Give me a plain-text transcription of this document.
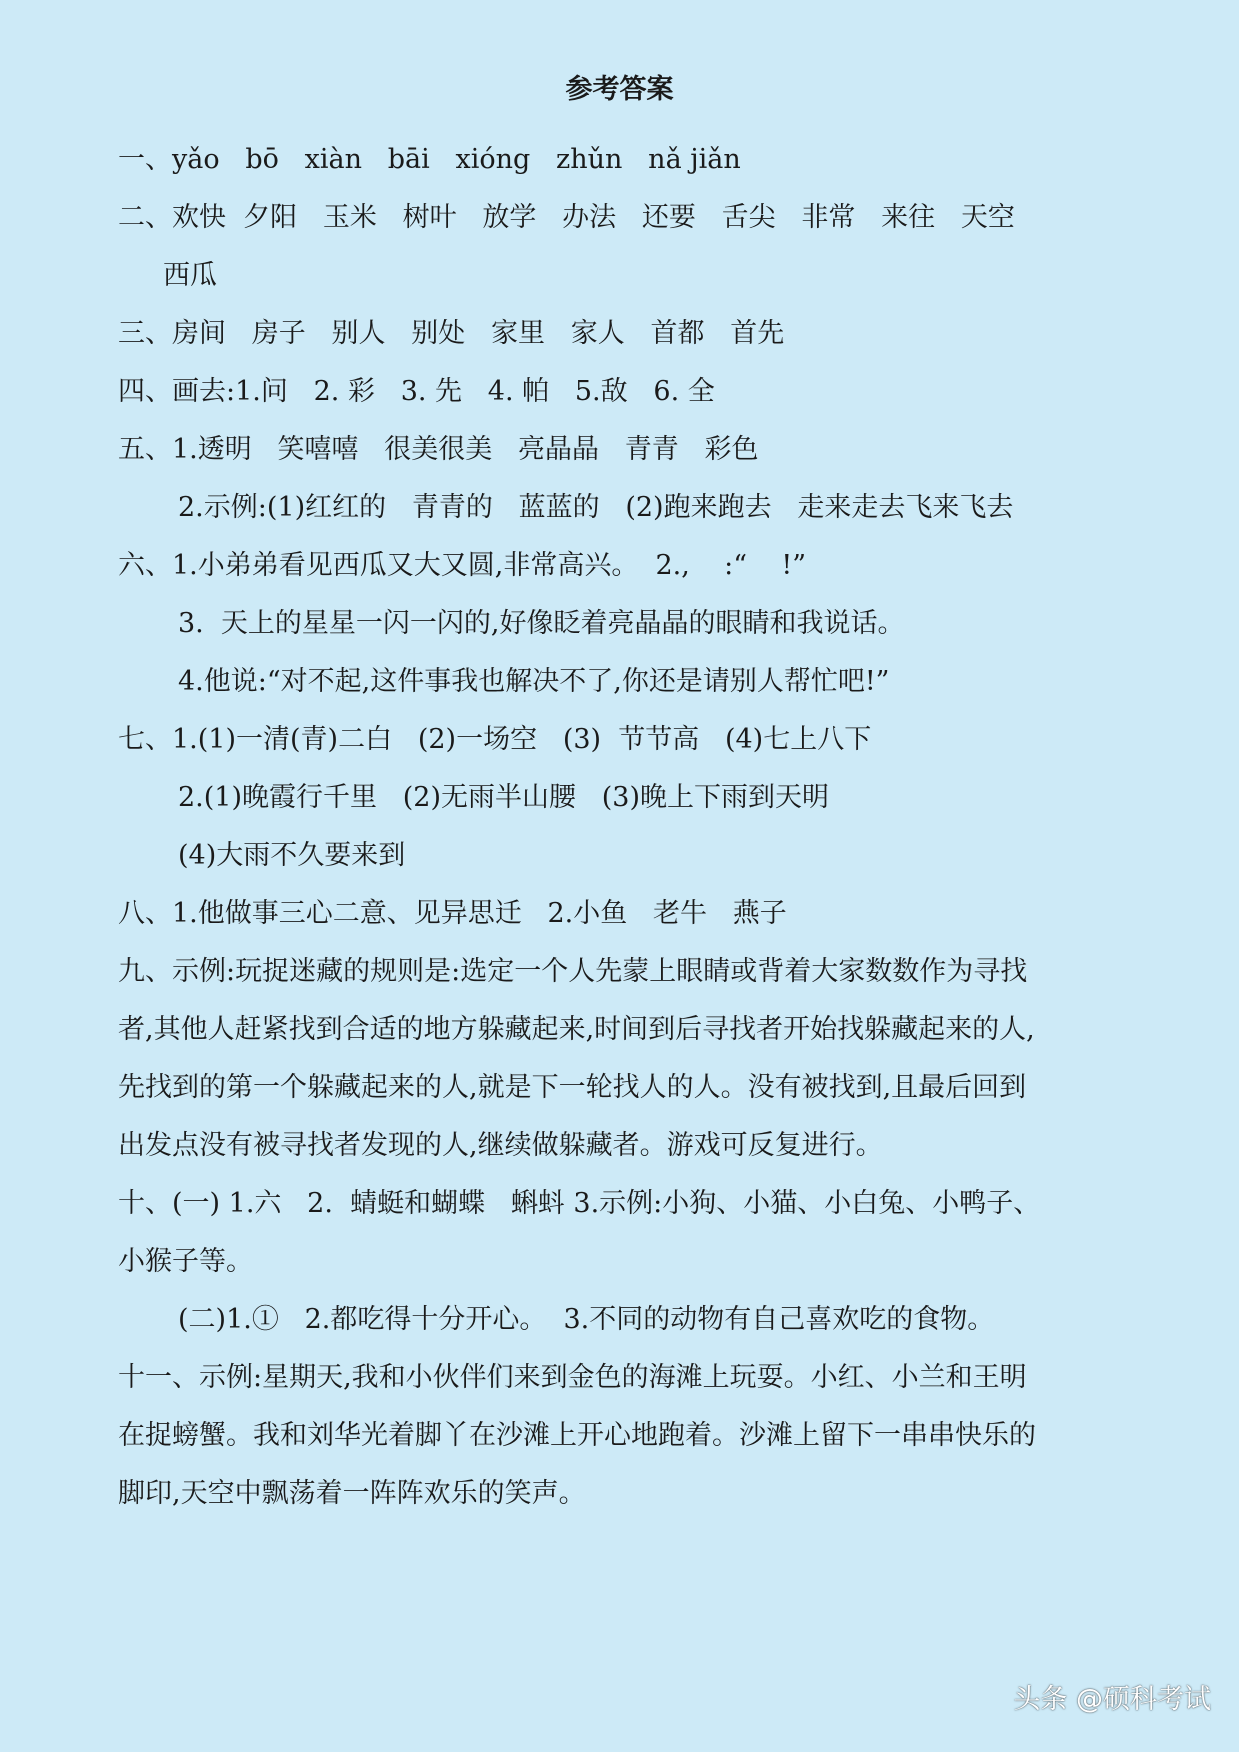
参考答案
一、yǎo   bō   xiàn   bāi   xióng   zhǔn   nǎ jiǎn
二、欢快  夕阳   玉米   树叶   放学   办法   还要   舌尖   非常   来往   天空
西瓜
三、房间   房子   别人   别处   家里   家人   首都   首先
四、画去:1.问   2. 彩   3. 先   4. 帕   5.敌   6. 全
五、1.透明   笑嘻嘻   很美很美   亮晶晶   青青   彩色
2.示例:(1)红红的   青青的   蓝蓝的   (2)跑来跑去   走来走去飞来飞去
六、1.小弟弟看见西瓜又大又圆,非常高兴。  2.,    :“    !”
3.  天上的星星一闪一闪的,好像眨着亮晶晶的眼睛和我说话。
4.他说:“对不起,这件事我也解决不了,你还是请别人帮忙吧!”
七、1.(1)一清(青)二白   (2)一场空   (3)  节节高   (4)七上八下
2.(1)晚霞行千里   (2)无雨半山腰   (3)晚上下雨到天明
(4)大雨不久要来到
八、1.他做事三心二意、见异思迁   2.小鱼   老牛   燕子
九、示例:玩捉迷藏的规则是:选定一个人先蒙上眼睛或背着大家数数作为寻找
者,其他人赶紧找到合适的地方躲藏起来,时间到后寻找者开始找躲藏起来的人,
先找到的第一个躲藏起来的人,就是下一轮找人的人。没有被找到,且最后回到
出发点没有被寻找者发现的人,继续做躲藏者。游戏可反复进行。
十、(一) 1.六   2.  蜻蜓和蝴蝶   蝌蚪 3.示例:小狗、小猫、小白兔、小鸭子、
小猴子等。
(二)1.①   2.都吃得十分开心。  3.不同的动物有自己喜欢吃的食物。
十一、示例:星期天,我和小伙伴们来到金色的海滩上玩耍。小红、小兰和王明
在捉螃蟹。我和刘华光着脚丫在沙滩上开心地跑着。沙滩上留下一串串快乐的
脚印,天空中飘荡着一阵阵欢乐的笑声。
头条 @硕科考试
